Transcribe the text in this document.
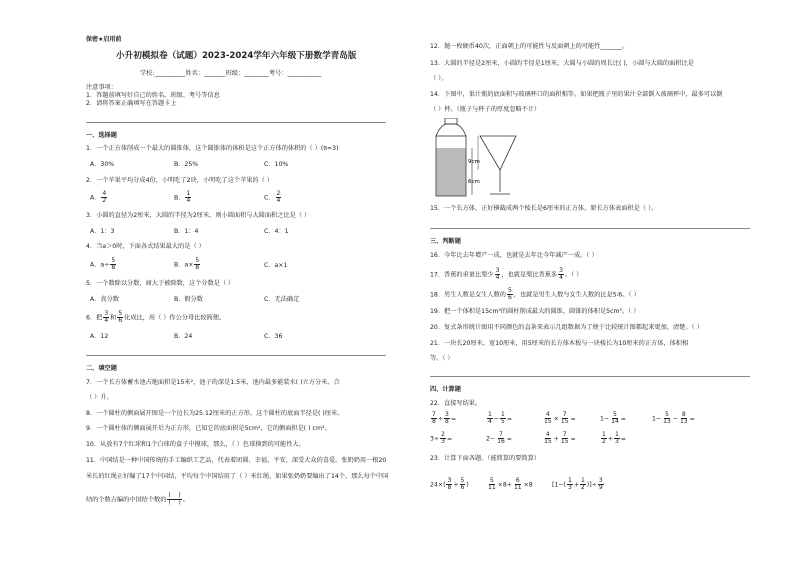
保密★启用前
小升初模拟卷（试题）2023-2024学年六年级下册数学青岛版
学校:__________姓名：_______班级：________考号：___________
注意事项：
1．答题前填写好自己的姓名、班级、考号等信息
2．请将答案正确填写在答题卡上
一、选择题
1．一个正方体削成一个最大的圆锥体，这个圆锥体的体积是这个正方体的体积的（ ）(π=3)
A．30%	B．25%	C．10%
2．一个苹果平均分成4份，小明吃了2块，小明吃了这个苹果的（ ）
A． $\frac{4}{2}$	B． $\frac{1}{4}$	C． $\frac{2}{4}$
3．小圆的直径为2厘米，大圆的半径为2厘米，则小圆面积与大圆面积之比是（ ）
A．1：3	B．1：4	C．4：1
4．当a＞0时，下面各式结果最大的是（ ）
A．$a\div \frac{5}{8}$	B．$a\times \frac{5}{8}$	C．a×1
5．一个数除以分数，商大于被除数，这个分数是（ ）
A．真分数	B．假分数	C．无法确定
6．把 $\frac{3}{4}$ 和 $\frac{5}{6}$ 化成比，用（ ）作公分母比较简便。
A．12	B．24	C．36
二、填空题
7．一个长方体蓄水池占地面积是15米²，池子的深是1.5米，池内最多能装水( )立方分米，合
（ ）升。
8．一个圆柱的侧面展开图是一个边长为25.12厘米的正方形，这个圆柱的底面半径是( )厘米。
9．一个圆柱体的侧面展开后为正方形，已知它的底面积是5cm²，它的侧面积是( ) cm²。
10．从放有7个红球和1个白球的盒子中摸球，那么，（ ）色球摸到的可能性大。
11．中国结是一种中国传统的手工编织工艺品，代表着团圆、幸福、平安，深受大众的喜爱。张奶奶用一根20
米长的红绳正好编了17个中国结，平均每个中国结用了（ ）米红绳，如果张奶奶要编出了14个，那么每个中国
结的个数占编的中国结个数的 $\frac{( )}{( )}$ 。
12．抛一枚硬币40次，正面朝上的可能性与反面朝上的可能性_______。
13．大圆的半径是2厘米，小圆的半径是1厘米，大圆与小圆的周长比( )，小圆与大圆的面积比是
（ ）。
14．下图中，果汁瓶的底面积与玻璃杯口的面积相等。如果把瓶子里的果汁全部倒入玻璃杯中，最多可以倒
（ ）杯。（瓶子与杯子的厚度忽略不计）
9cm
6cm
15．一个长方体，正好横截成两个棱长是6厘米的正方体，原长方体表面积是（ ）。
三、判断题
16．今年比去年增产一成，也就是去年比今年减产一成。（ ）
17．香蕉的重量比梨少 $\frac{3}{4}$ ，也就是梨比香蕉多 $\frac{3}{4}$ 。（ ）
18．男生人数是女生人数的 $\frac{5}{6}$ ，也就是男生人数与女生人数的比是5∶6。（ ）
19．把一个体积是15cm³的圆柱削成最大的圆锥，圆锥的体积是5cm³。（ ）
20．复式条形统计图用不同颜色的直条来表示几组数据为了便于比较统计图都起来更加，清楚。（ ）
21．一块长20厘米，宽10厘米，用5厘米的长方体木板与一块棱长为10厘米的正方体，体积相
等。（ ）
四、计算题
22．直接写结果。
$\frac{7}{8} \div \frac{3}{8}$ =	$\frac{1}{4} - \frac{1}{5}$ =	$\frac{4}{15} \times \frac{7}{15}$ =	$1- \frac{5}{14}$ =	$1- \frac{5}{13} - \frac{8}{13}$ =
$3\div \frac{2}{3}$ =	$2- \frac{7}{16}$ =	$\frac{4}{15} + \frac{7}{15}$ =	$\frac{1}{2} + \frac{1}{3}$ =
23．计算下面各题。（能简算的要简算）
$24\times( \frac{3}{8} + \frac{5}{6}$ )	$\frac{5}{11} \times 8+ \frac{6}{11} \times 8$	[$1-( \frac{1}{3} + \frac{1}{2}$ )]÷ $\frac{3}{9}$
